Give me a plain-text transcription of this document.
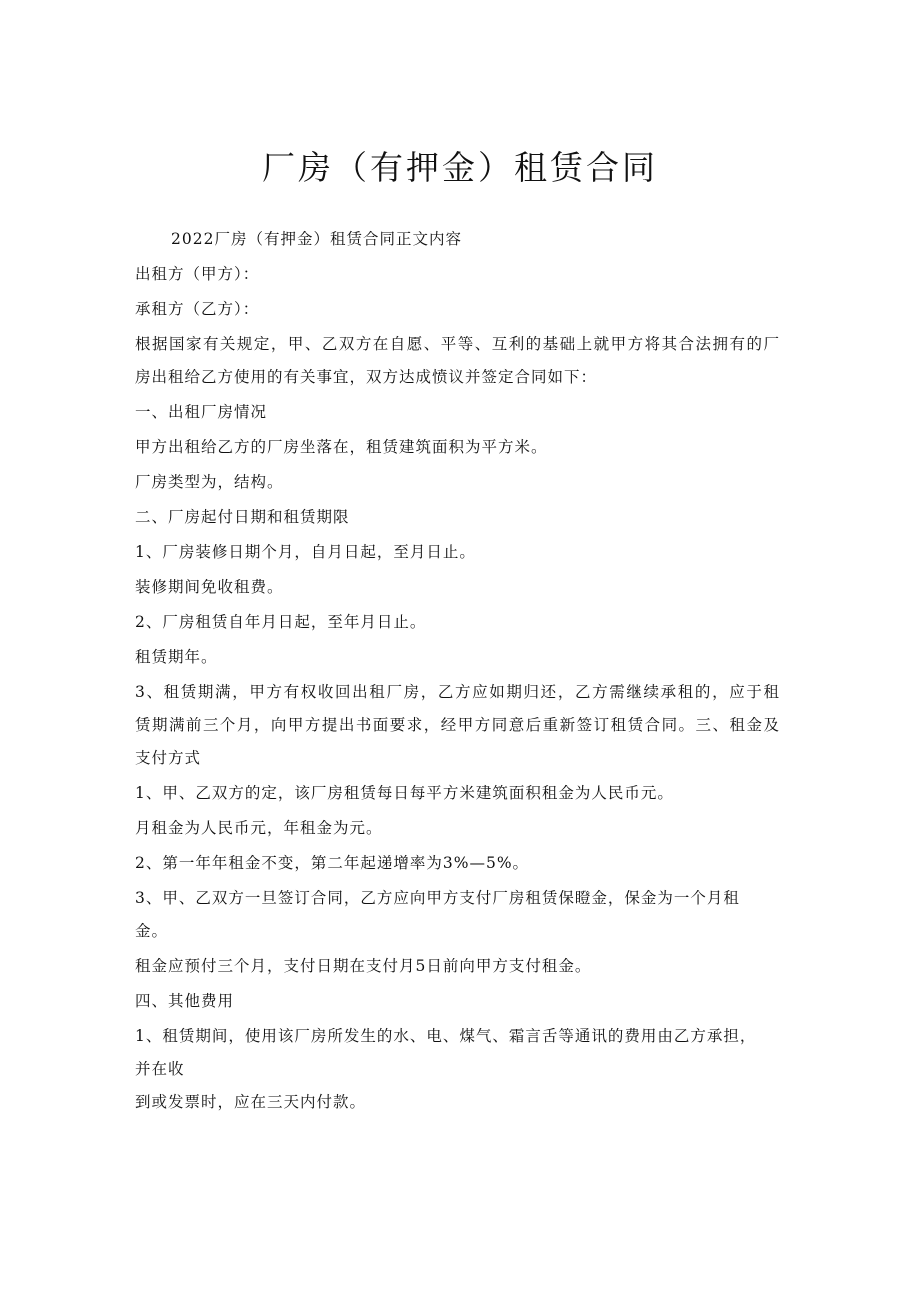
厂房（有押金）租赁合同

2022厂房（有押金）租赁合同正文内容

出租方（甲方）：

承租方（乙方）：

根据国家有关规定，甲、乙双方在自愿、平等、互利的基础上就甲方将其合法拥有的厂

房出租给乙方使用的有关事宜，双方达成愤议并签定合同如下：

一、出租厂房情况

甲方出租给乙方的厂房坐落在，租赁建筑面积为平方米。

厂房类型为，结构。

二、厂房起付日期和租赁期限

1、厂房装修日期个月，自月日起，至月日止。

装修期间免收租费。

2、厂房租赁自年月日起，至年月日止。

租赁期年。

3、租赁期满，甲方有权收回出租厂房，乙方应如期归还，乙方需继续承租的，应于租

赁期满前三个月，向甲方提出书面要求，经甲方同意后重新签订租赁合同。三、租金及

支付方式

1、甲、乙双方的定，该厂房租赁每日每平方米建筑面积租金为人民币元。

月租金为人民币元，年租金为元。

2、第一年年租金不变，第二年起递增率为3%—5%。

3、甲、乙双方一旦签订合同，乙方应向甲方支付厂房租赁保瞪金，保金为一个月租

金。

租金应预付三个月，支付日期在支付月5日前向甲方支付租金。

四、其他费用

1、租赁期间，使用该厂房所发生的水、电、煤气、霜言舌等通讯的费用由乙方承担，

并在收

到或发票时，应在三天内付款。
